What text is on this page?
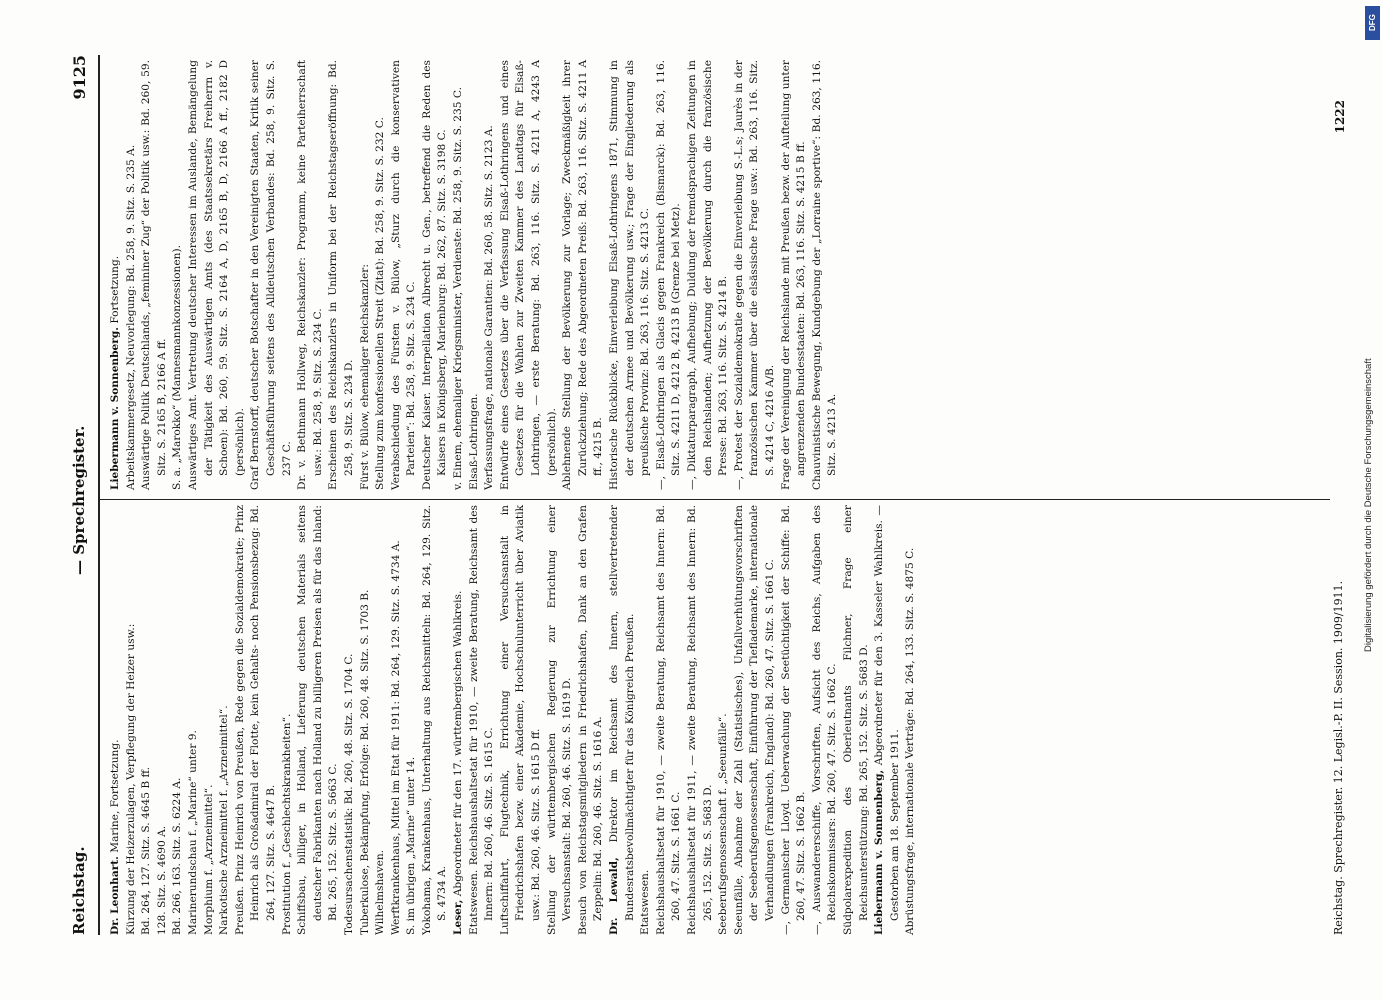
Reichstag.
— Sprechregister.
9125

Dr. Leonhart. Marine, Fortsetzung. Kürzung der Heizerzulagen, Verpflegung der Heizer usw.: Bd. 264, 127. Sitz. S. 4645 B ff. 128. Sitz. S. 4690 A. Bd. 266, 163. Sitz. S. 6224 A. Marinerundschau f. „Marine“ unter 9. Morphium f. „Arzneimittel“. Narkotische Arzneimittel f. „Arzneimittel“. Preußen. Prinz Heinrich von Preußen, Rede gegen die Sozialdemokratie; Prinz Heinrich als Großadmiral der Flotte, kein Gehalts- noch Pensionsbezug: Bd. 264, 127. Sitz. S. 4647 B. Prostitution f. „Geschlechtskrankheiten“. Schiffsbau, billiger, in Holland, Lieferung deutschen Materials seitens deutscher Fabrikanten nach Holland zu billigeren Preisen als für das Inland: Bd. 265, 152. Sitz. S. 5663 C. Todesursachenstatistik: Bd. 260, 48. Sitz. S. 1704 C. Tuberkulose, Bekämpfung, Erfolge: Bd. 260, 48. Sitz. S. 1703 B. Wilhelmshaven. Werftkrankenhaus, Mittel im Etat für 1911: Bd. 264, 129. Sitz. S. 4734 A. S. im übrigen „Marine“ unter 14. Yokohama, Krankenhaus, Unterhaltung aus Reichsmitteln: Bd. 264, 129. Sitz. S. 4734 A. Leser, Abgeordneter für den 17. württembergischen Wahlkreis. Etatswesen. Reichshaushaltsetat für 1910, — zweite Beratung, Reichsamt des Innern: Bd. 260, 46. Sitz. S. 1615 C. Luftschiffahrt, Flugtechnik, Errichtung einer Versuchsanstalt in Friedrichshafen bezw. einer Akademie, Hochschulunterricht über Aviatik usw.: Bd. 260, 46. Sitz. S. 1615 D ff. Stellung der württembergischen Regierung zur Errichtung einer Versuchsanstalt: Bd. 260, 46. Sitz. S. 1619 D. Besuch von Reichstagsmitgliedern in Friedrichshafen, Dank an den Grafen Zeppelin: Bd. 260, 46. Sitz. S. 1616 A. Dr. Lewald, Direktor im Reichsamt des Innern, stellvertretender Bundesratsbevollmächtigter für das Königreich Preußen. Etatswesen. Reichshaushaltsetat für 1910, — zweite Beratung, Reichsamt des Innern: Bd. 260, 47. Sitz. S. 1661 C. Reichshaushaltsetat für 1911, — zweite Beratung, Reichsamt des Innern: Bd. 265, 152. Sitz. S. 5683 D. Seeberufsgenossenschaft f. „Seeunfälle“. Seeunfälle, Abnahme der Zahl (Statistisches), Unfallverhütungsvorschriften der Seeberufsgenossenschaft, Einführung der Tieflademarke, internationale Verhandlungen (Frankreich, England): Bd. 260, 47. Sitz. S. 1661 C. —, Germanischer Lloyd. Ueberwachung der Seetüchtigkeit der Schiffe: Bd. 260, 47. Sitz. S. 1662 B. —, Auswandererschiffe, Vorschriften, Aufsicht des Reichs, Aufgaben des Reichskommissars: Bd. 260, 47. Sitz. S. 1662 C. Südpolarexpedition des Oberleutnants Filchner, Frage einer Reichsunterstützung: Bd. 265, 152. Sitz. S. 5683 D. Liebermann v. Sonnenberg, Abgeordneter für den 3. Kasseler Wahlkreis. — Gestorben am 18. September 1911. Abrüstungsfrage, internationale Verträge: Bd. 264, 133. Sitz. S. 4875 C.

Liebermann v. Sonnenberg. Fortsetzung. Arbeitskammergesetz, Neuvorlegung: Bd. 258, 9. Sitz. S. 235 A. Auswärtige Politik Deutschlands, „femininer Zug“ der Politik usw.: Bd. 260, 59. Sitz. S. 2165 B, 2166 A ff. S. a. „Marokko“ (Mannesmannkonzessionen). Auswärtiges Amt. Vertretung deutscher Interessen im Auslande, Bemängelung der Tätigkeit des Auswärtigen Amts (des Staatssekretärs Freiherrn v. Schoen): Bd. 260, 59. Sitz. S. 2164 A, D, 2165 B, D, 2166 A ff., 2182 D (persönlich). Graf Bernstorff, deutscher Botschafter in den Vereinigten Staaten, Kritik seiner Geschäftsführung seitens des Alldeutschen Verbandes: Bd. 258, 9. Sitz. S. 237 C. Dr. v. Bethmann Hollweg, Reichskanzler: Programm, keine Parteiherrschaft usw.: Bd. 258, 9. Sitz. S. 234 C. Erscheinen des Reichskanzlers in Uniform bei der Reichstagseröffnung: Bd. 258, 9. Sitz. S. 234 D. Fürst v. Bülow, ehemaliger Reichskanzler: Stellung zum konfessionellen Streit (Zitat): Bd. 258, 9. Sitz. S. 232 C. Verabschiedung des Fürsten v. Bülow, „Sturz durch die konservativen Parteien“: Bd. 258, 9. Sitz. S. 234 C. Deutscher Kaiser. Interpellation Albrecht u. Gen., betreffend die Reden des Kaisers in Königsberg, Marienburg: Bd. 262, 87. Sitz. S. 3198 C. v. Einem, ehemaliger Kriegsminister, Verdienste: Bd. 258, 9. Sitz. S. 235 C. Elsaß-Lothringen. Verfassungsfrage, nationale Garantien: Bd. 260, 58. Sitz. S. 2123 A. Entwürfe eines Gesetzes über die Verfassung Elsaß-Lothringens und eines Gesetzes für die Wahlen zur Zweiten Kammer des Landtags für Elsaß-Lothringen, — erste Beratung: Bd. 263, 116. Sitz. S. 4211 A, 4243 A (persönlich). Ablehnende Stellung der Bevölkerung zur Vorlage; Zweckmäßigkeit ihrer Zurückziehung; Rede des Abgeordneten Preiß: Bd. 263, 116. Sitz. S. 4211 A ff., 4215 B. Historische Rückblicke, Einverleibung Elsaß-Lothringens 1871, Stimmung in der deutschen Armee und Bevölkerung usw.; Frage der Eingliederung als preußische Provinz: Bd. 263, 116. Sitz. S. 4213 C. —, Elsaß-Lothringen als Glacis gegen Frankreich (Bismarck): Bd. 263, 116. Sitz. S. 4211 D, 4212 B, 4213 B (Grenze bei Metz). —, Diktaturparagraph, Aufhebung; Duldung der fremdsprachigen Zeitungen in den Reichslanden; Aufhetzung der Bevölkerung durch die französische Presse: Bd. 263, 116. Sitz. S. 4214 B. —, Protest der Sozialdemokratie gegen die Einverleibung S.-L.s; Jaurès in der französischen Kammer über die elsässische Frage usw.: Bd. 263, 116. Sitz. S. 4214 C, 4216 A/B. Frage der Vereinigung der Reichslande mit Preußen bezw. der Aufteilung unter angrenzenden Bundesstaaten: Bd. 263, 116. Sitz. S. 4215 B ff. Chauvinistische Bewegung, Kundgebung der „Lorraine sportive“: Bd. 263, 116. Sitz. S. 4213 A.

Reichstag. Sprechregister. 12. Legisl.-P. II. Session. 1909/1911.
1222
DFG
Digitalisierung gefördert durch die Deutsche Forschungsgemeinschaft
